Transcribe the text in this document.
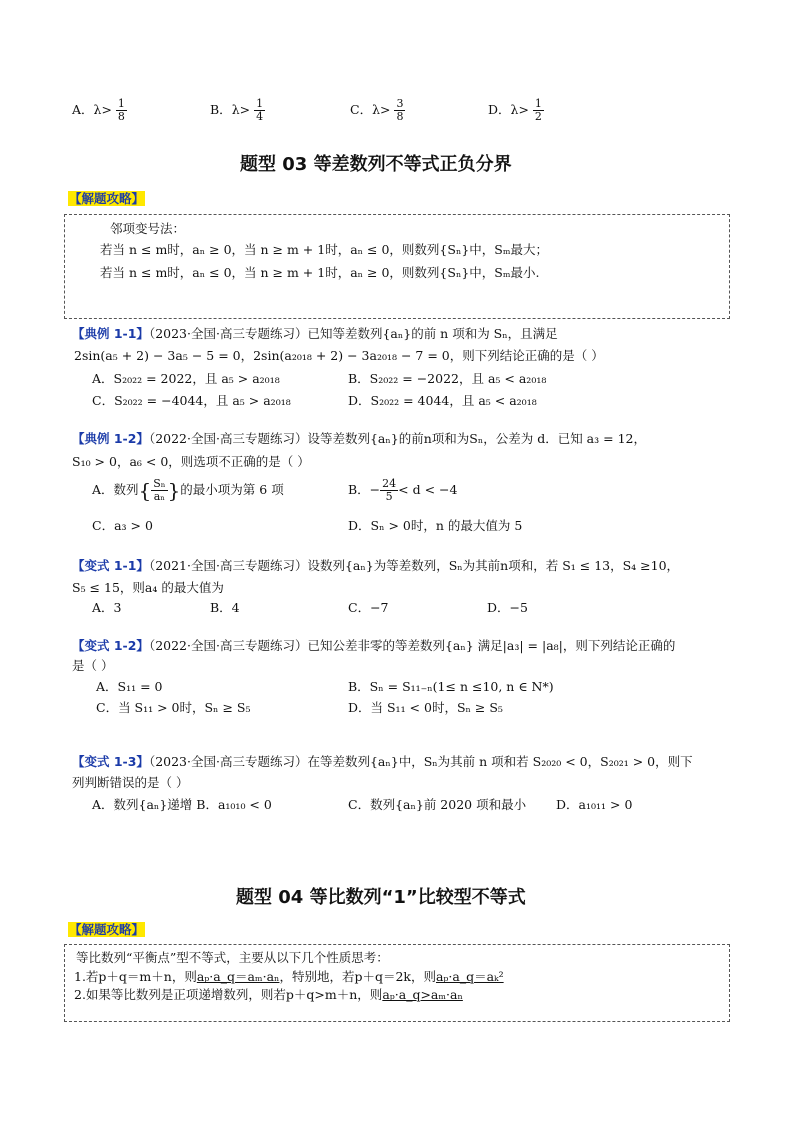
A．$\lambda> \frac{1}{8}$	B．$\lambda> \frac{1}{4}$	C．$\lambda> \frac{3}{8}$	D．$\lambda> \frac{1}{2}$
题型 03 等差数列不等式正负分界
【解题攻略】
邻项变号法：
若当 n ≤ m时，aₙ ≥ 0，当 n ≥ m + 1时，aₙ ≤ 0，则数列{Sₙ}中，Sₘ最大；
若当 n ≤ m时，aₙ ≤ 0，当 n ≥ m + 1时，aₙ ≥ 0，则数列{Sₙ}中，Sₘ最小.
【典例 1-1】（2023·全国·高三专题练习）已知等差数列{aₙ}的前 n 项和为 Sₙ，且满足
2sin(a₅ + 2) − 3a₅ − 5 = 0，2sin(a₂₀₁₈ + 2) − 3a₂₀₁₈ − 7 = 0，则下列结论正确的是（ ）
A．S₂₀₂₂ = 2022，且 a₅ > a₂₀₁₈	B．S₂₀₂₂ = −2022，且 a₅ < a₂₀₁₈
C．S₂₀₂₂ = −4044，且 a₅ > a₂₀₁₈	D．S₂₀₂₂ = 4044，且 a₅ < a₂₀₁₈
【典例 1-2】（2022·全国·高三专题练习）设等差数列{aₙ}的前n项和为Sₙ，公差为 d．已知 a₃ = 12，
S₁₀ > 0，a₆ < 0，则选项不正确的是（ ）
A．数列{ $\frac{\text{Sₙ}}{\text{aₙ}}$ }的最小项为第 6 项	B．− $\frac{24}{5} < d < -4$
C．a₃ > 0	D．Sₙ > 0时，n 的最大值为 5
【变式 1-1】（2021·全国·高三专题练习）设数列{aₙ}为等差数列，Sₙ为其前n项和，若 S₁ ≤ 13，S₄ ≥10，
S₅ ≤ 15，则a₄ 的最大值为
A．3	B．4	C．−7	D．−5
【变式 1-2】（2022·全国·高三专题练习）已知公差非零的等差数列{aₙ} 满足|a₃| = |a₈|，则下列结论正确的
是（ ）
A．S₁₁ = 0	B．Sₙ = S₁₁₋ₙ(1≤ n ≤10, n ∈ N*)
C．当 S₁₁ > 0时，Sₙ ≥ S₅	D．当 S₁₁ < 0时，Sₙ ≥ S₅
【变式 1-3】（2023·全国·高三专题练习）在等差数列{aₙ}中，Sₙ为其前 n 项和若 S₂₀₂₀ < 0，S₂₀₂₁ > 0，则下
列判断错误的是（ ）
A．数列{aₙ}递增 B．a₁₀₁₀ < 0	C．数列{aₙ}前 2020 项和最小 D．a₁₀₁₁ > 0
题型 04 等比数列“1”比较型不等式
【解题攻略】
等比数列“平衡点”型不等式，主要从以下几个性质思考：
1.若p＋q＝m＋n，则aₚ·a_q＝aₘ·aₙ，特别地，若p＋q＝2k，则aₚ·a_q＝aₖ²
2.如果等比数列是正项递增数列，则若p＋q>m＋n，则aₚ·a_q>aₘ·aₙ
